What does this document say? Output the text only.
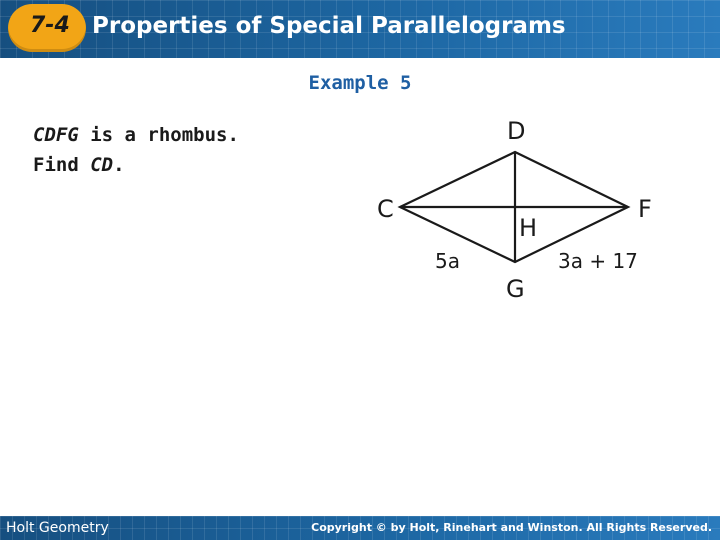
7-4 Properties of Special Parallelograms
Example 5
CDFG is a rhombus.
Find CD.
D
C	F
G
H
5a	3a + 17
Holt Geometry	Copyright © by Holt, Rinehart and Winston. All Rights Reserved.
